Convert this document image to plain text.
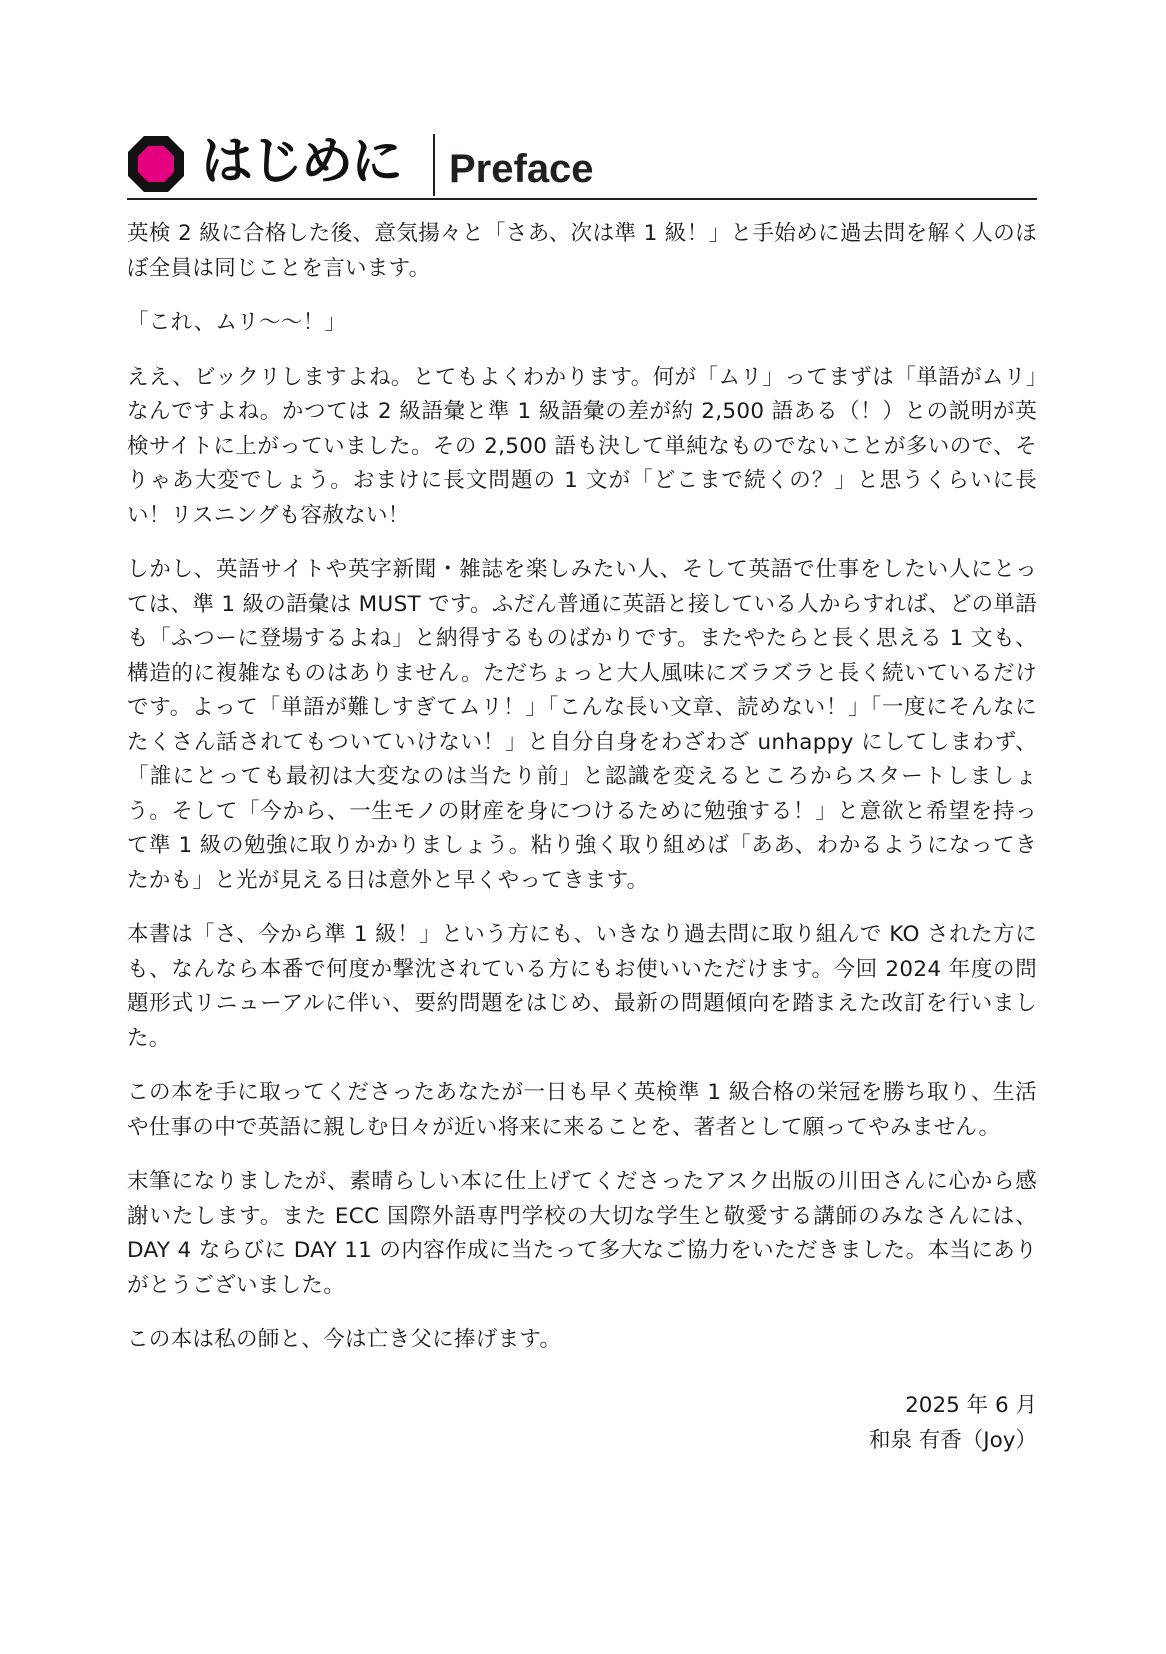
はじめに Preface

英検 2 級に合格した後、意気揚々と「さあ、次は準 1 級！」と手始めに過去問を解く人のほぼ全員は同じことを言います。

「これ、ムリ〜〜！」

ええ、ビックリしますよね。とてもよくわかります。何が「ムリ」ってまずは「単語がムリ」なんですよね。かつては 2 級語彙と準 1 級語彙の差が約 2,500 語ある（！）との説明が英検サイトに上がっていました。その 2,500 語も決して単純なものでないことが多いので、そりゃあ大変でしょう。おまけに長文問題の 1 文が「どこまで続くの？」と思うくらいに長い！リスニングも容赦ない！

しかし、英語サイトや英字新聞・雑誌を楽しみたい人、そして英語で仕事をしたい人にとっては、準 1 級の語彙は MUST です。ふだん普通に英語と接している人からすれば、どの単語も「ふつーに登場するよね」と納得するものばかりです。またやたらと長く思える 1 文も、構造的に複雑なものはありません。ただちょっと大人風味にズラズラと長く続いているだけです。よって「単語が難しすぎてムリ！」「こんな長い文章、読めない！」「一度にそんなにたくさん話されてもついていけない！」と自分自身をわざわざ unhappy にしてしまわず、「誰にとっても最初は大変なのは当たり前」と認識を変えるところからスタートしましょう。そして「今から、一生モノの財産を身につけるために勉強する！」と意欲と希望を持って準 1 級の勉強に取りかかりましょう。粘り強く取り組めば「ああ、わかるようになってきたかも」と光が見える日は意外と早くやってきます。

本書は「さ、今から準 1 級！」という方にも、いきなり過去問に取り組んで KO された方にも、なんなら本番で何度か撃沈されている方にもお使いいただけます。今回 2024 年度の問題形式リニューアルに伴い、要約問題をはじめ、最新の問題傾向を踏まえた改訂を行いました。

この本を手に取ってくださったあなたが一日も早く英検準 1 級合格の栄冠を勝ち取り、生活や仕事の中で英語に親しむ日々が近い将来に来ることを、著者として願ってやみません。

末筆になりましたが、素晴らしい本に仕上げてくださったアスク出版の川田さんに心から感謝いたします。また ECC 国際外語専門学校の大切な学生と敬愛する講師のみなさんには、DAY 4 ならびに DAY 11 の内容作成に当たって多大なご協力をいただきました。本当にありがとうございました。

この本は私の師と、今は亡き父に捧げます。

2025 年 6 月
和泉 有香（Joy）
